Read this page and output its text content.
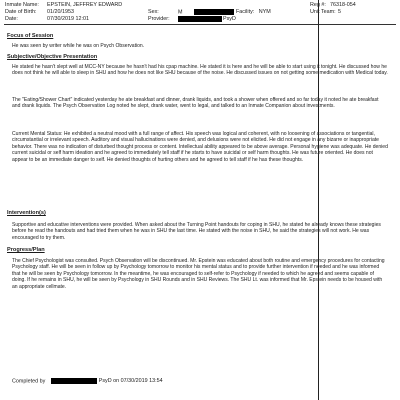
Inmate Name: EPSTEIN, JEFFREY EDWARD	Reg #: 76318-054
Date of Birth: 01/20/1953	Sex:	M	Facility: NYM	Unit Team: 5
Date:	07/30/2019 12:01	Provider:	PsyD
Focus of Session

He was seen by writer while he was on Psych Observation.

Subjective/Objective Presentation

He stated he hasn't slept well at MCC-NY because he hasn't had his cpap machine. He stated it is here and he will be able to start using it tonight. He discussed how he does not think he will able to sleep in SHU and how he does not like SHU because of the noise. He discussed issues on not getting some medication with Medical today.

The "Eating/Shower Chart" indicated yesterday he ate breakfast and dinner, drank liquids, and took a shower when offered and so far today it noted he ate breakfast and drank liquids. The Psych Observation Log noted he slept, drank water, went to legal, and talked to an Inmate Companion about investments.

Current Mental Status: He exhibited a neutral mood with a full range of affect. His speech was logical and coherent, with no loosening of associations or tangential, circumstantial or irrelevant speech. Auditory and visual hallucinations were denied, and delusions were not elicited. He did not engage in any bizarre or inappropriate behavior. There was no indication of disturbed thought process or content. Intellectual ability appeared to be above average. Personal hygiene was adequate. He denied current suicidal or self harm ideation and he agreed to immediately tell staff if he starts to have suicidal or self harm thoughts. He was future oriented. He does not appear to be an immediate danger to self. He denied thoughts of hurting others and he agreed to tell staff if he has these thoughts.

Intervention(s)

Supportive and educative interventions were provided. When asked about the Turning Point handouts for coping in SHU, he stated he already knows these strategies before he read the handouts and had tried them when he was in SHU the last time. He stated with the noise in SHU, he said the strategies will not work. He was encouraged to try them.

Progress/Plan

The Chief Psychologist was consulted. Psych Observation will be discontinued. Mr. Epstein was educated about both routine and emergency procedures for contacting Psychology staff. He will be seen in follow up by Psychology tomorrow to monitor his mental status and to provide further intervention if needed and he was informed that he will be seen by Psychology tomorrow. In the meantime, he was encouraged to self-refer to Psychology if needed to which he agreed and seems capable of doing. If he remains in SHU, he will be seen by Psychology in SHU Rounds and in SHU Reviews. The SHU Lt. was informed that Mr. Epstein needs to be housed with an appropriate cellmate.

Completed by	PsyD on 07/30/2019 13:54
